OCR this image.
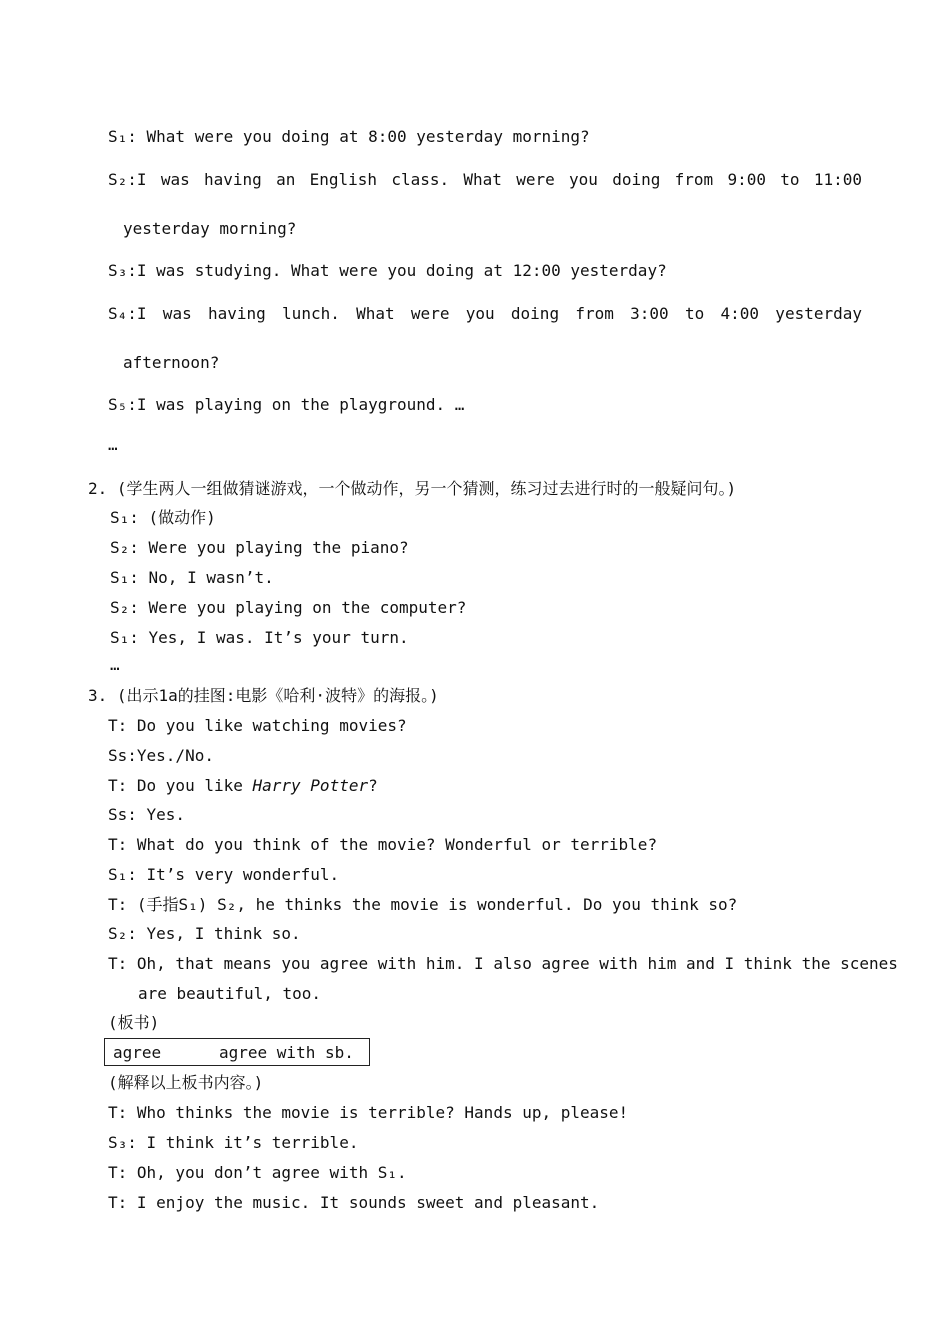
S₁: What were you doing at 8:00 yesterday morning?
S₂:I was having an English class. What were you doing from 9:00 to 11:00
yesterday morning?
S₃:I was studying. What were you doing at 12:00 yesterday?
S₄:I was having lunch. What were you doing from 3:00 to 4:00 yesterday
afternoon?
S₅:I was playing on the playground. …
…
2. (学生两人一组做猜谜游戏，一个做动作，另一个猜测，练习过去进行时的一般疑问句。)
S₁: (做动作)
S₂: Were you playing the piano?
S₁: No, I wasn’t.
S₂: Were you playing on the computer?
S₁: Yes, I was. It’s your turn.
…
3. (出示1a的挂图:电影《哈利·波特》的海报。)
T: Do you like watching movies?
Ss:Yes./No.
T: Do you like Harry Potter?
Ss: Yes.
T: What do you think of the movie? Wonderful or terrible?
S₁: It’s very wonderful.
T: (手指S₁) S₂, he thinks the movie is wonderful. Do you think so?
S₂: Yes, I think so.
T: Oh, that means you agree with him. I also agree with him and I think the scenes
are beautiful, too.
(板书)
agree	agree with sb.
(解释以上板书内容。)
T: Who thinks the movie is terrible? Hands up, please!
S₃: I think it’s terrible.
T: Oh, you don’t agree with S₁.
T: I enjoy the music. It sounds sweet and pleasant.
